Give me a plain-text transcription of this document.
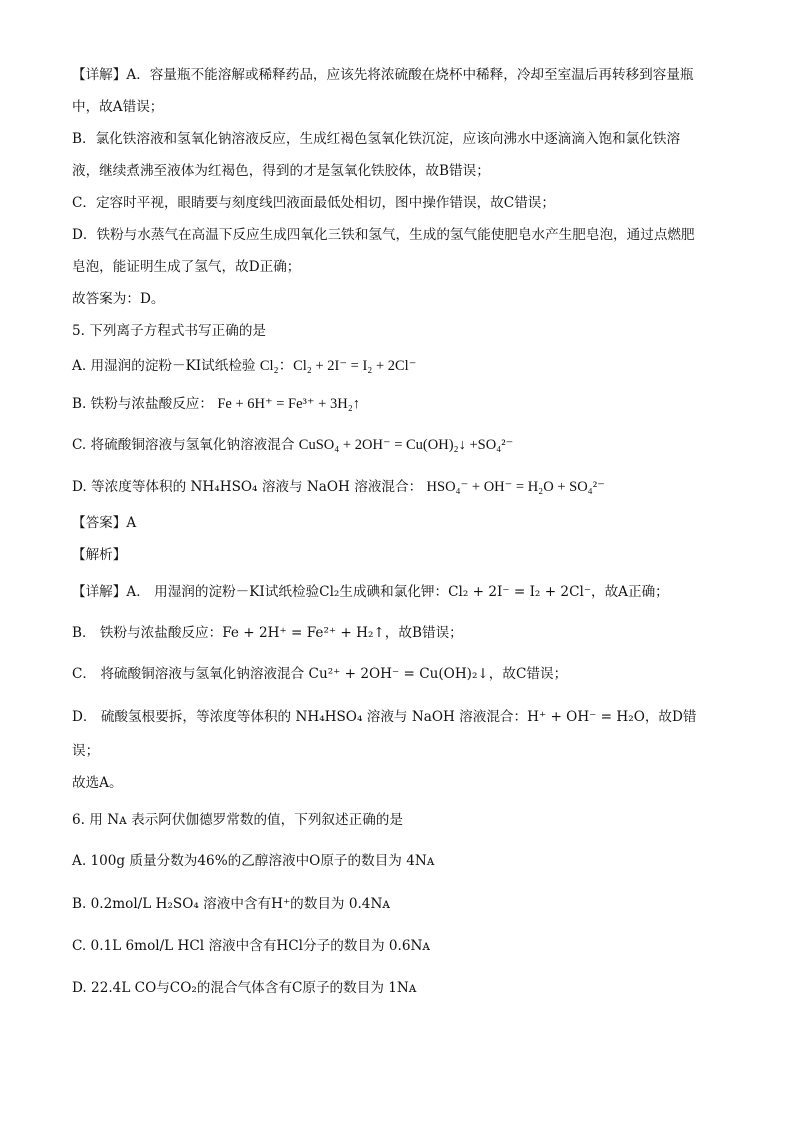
【详解】A．容量瓶不能溶解或稀释药品，应该先将浓硫酸在烧杯中稀释，冷却至室温后再转移到容量瓶
中，故A错误；
B．氯化铁溶液和氢氧化钠溶液反应，生成红褐色氢氧化铁沉淀，应该向沸水中逐滴滴入饱和氯化铁溶
液，继续煮沸至液体为红褐色，得到的才是氢氧化铁胶体，故B错误；
C．定容时平视，眼睛要与刻度线凹液面最低处相切，图中操作错误，故C错误；
D．铁粉与水蒸气在高温下反应生成四氧化三铁和氢气，生成的氢气能使肥皂水产生肥皂泡，通过点燃肥
皂泡，能证明生成了氢气，故D正确；
故答案为：D。
5. 下列离子方程式书写正确的是
A. 用湿润的淀粉－KI试纸检验 Cl₂：Cl₂ + 2I⁻ = I₂ + 2Cl⁻
B. 铁粉与浓盐酸反应： Fe + 6H⁺ = Fe³⁺ + 3H₂↑
C. 将硫酸铜溶液与氢氧化钠溶液混合 CuSO₄ + 2OH⁻ = Cu(OH)₂↓ +SO₄²⁻
D. 等浓度等体积的 NH₄HSO₄ 溶液与 NaOH 溶液混合： HSO₄⁻ + OH⁻ = H₂O + SO₄²⁻
【答案】A
【解析】
【详解】A． 用湿润的淀粉－KI试纸检验Cl₂生成碘和氯化钾：Cl₂ + 2I⁻ = I₂ + 2Cl⁻，故A正确；
B． 铁粉与浓盐酸反应：Fe + 2H⁺ = Fe²⁺ + H₂↑，故B错误；
C． 将硫酸铜溶液与氢氧化钠溶液混合 Cu²⁺ + 2OH⁻ = Cu(OH)₂↓，故C错误；
D． 硫酸氢根要拆，等浓度等体积的 NH₄HSO₄ 溶液与 NaOH 溶液混合：H⁺ + OH⁻ = H₂O，故D错
误；
故选A。
6. 用 Nᴀ 表示阿伏伽德罗常数的值，下列叙述正确的是
A. 100g 质量分数为46%的乙醇溶液中O原子的数目为 4Nᴀ
B. 0.2mol/L H₂SO₄ 溶液中含有H⁺的数目为 0.4Nᴀ
C. 0.1L 6mol/L HCl 溶液中含有HCl分子的数目为 0.6Nᴀ
D. 22.4L CO与CO₂的混合气体含有C原子的数目为 1Nᴀ
